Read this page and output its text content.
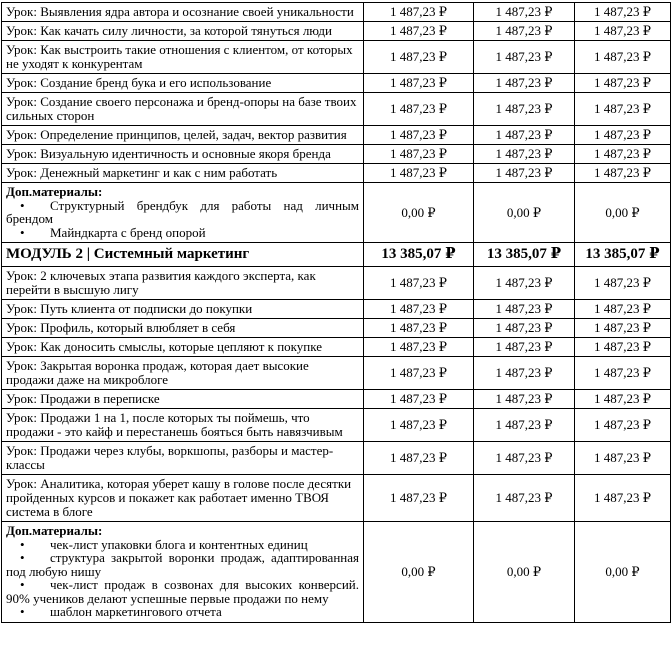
Урок: Выявления ядра автора и осознание своей уникальности	1 487,23 ₽	1 487,23 ₽	1 487,23 ₽
Урок: Как качать силу личности, за которой тянуться люди	1 487,23 ₽	1 487,23 ₽	1 487,23 ₽
Урок: Как выстроить такие отношения с клиентом, от которых не уходят к конкурентам	1 487,23 ₽	1 487,23 ₽	1 487,23 ₽
Урок: Создание бренд бука и его использование	1 487,23 ₽	1 487,23 ₽	1 487,23 ₽
Урок: Создание своего персонажа и бренд-опоры на базе твоих сильных сторон	1 487,23 ₽	1 487,23 ₽	1 487,23 ₽
Урок: Определение принципов, целей, задач, вектор развития	1 487,23 ₽	1 487,23 ₽	1 487,23 ₽
Урок: Визуальную идентичность и основные якоря бренда	1 487,23 ₽	1 487,23 ₽	1 487,23 ₽
Урок: Денежный маркетинг и как с ним работать	1 487,23 ₽	1 487,23 ₽	1 487,23 ₽

Доп.материалы:
• Структурный брендбук для работы над личным брендом
• Майндкарта с бренд опорой	0,00 ₽	0,00 ₽	0,00 ₽
МОДУЛЬ 2 | Системный маркетинг	13 385,07 ₽	13 385,07 ₽	13 385,07 ₽
Урок: 2 ключевых этапа развития каждого эксперта, как перейти в высшую лигу	1 487,23 ₽	1 487,23 ₽	1 487,23 ₽
Урок: Путь клиента от подписки до покупки	1 487,23 ₽	1 487,23 ₽	1 487,23 ₽
Урок: Профиль, который влюбляет в себя	1 487,23 ₽	1 487,23 ₽	1 487,23 ₽
Урок: Как доносить смыслы, которые цепляют к покупке	1 487,23 ₽	1 487,23 ₽	1 487,23 ₽
Урок: Закрытая воронка продаж, которая дает высокие продажи даже на микроблоге	1 487,23 ₽	1 487,23 ₽	1 487,23 ₽
Урок: Продажи в переписке	1 487,23 ₽	1 487,23 ₽	1 487,23 ₽
Урок: Продажи 1 на 1, после которых ты поймешь, что продажи - это кайф и перестанешь бояться быть навязчивым	1 487,23 ₽	1 487,23 ₽	1 487,23 ₽
Урок: Продажи через клубы, воркшопы, разборы и мастер-классы	1 487,23 ₽	1 487,23 ₽	1 487,23 ₽
Урок: Аналитика, которая уберет кашу в голове после десятки пройденных курсов и покажет как работает именно ТВОЯ система в блоге	1 487,23 ₽	1 487,23 ₽	1 487,23 ₽

Доп.материалы:
• чек-лист упаковки блога и контентных единиц
• структура закрытой воронки продаж, адаптированная под любую нишу
• чек-лист продаж в созвонах для высоких конверсий. 90% учеников делают успешные первые продажи по нему
• шаблон маркетингового отчета	0,00 ₽	0,00 ₽	0,00 ₽
